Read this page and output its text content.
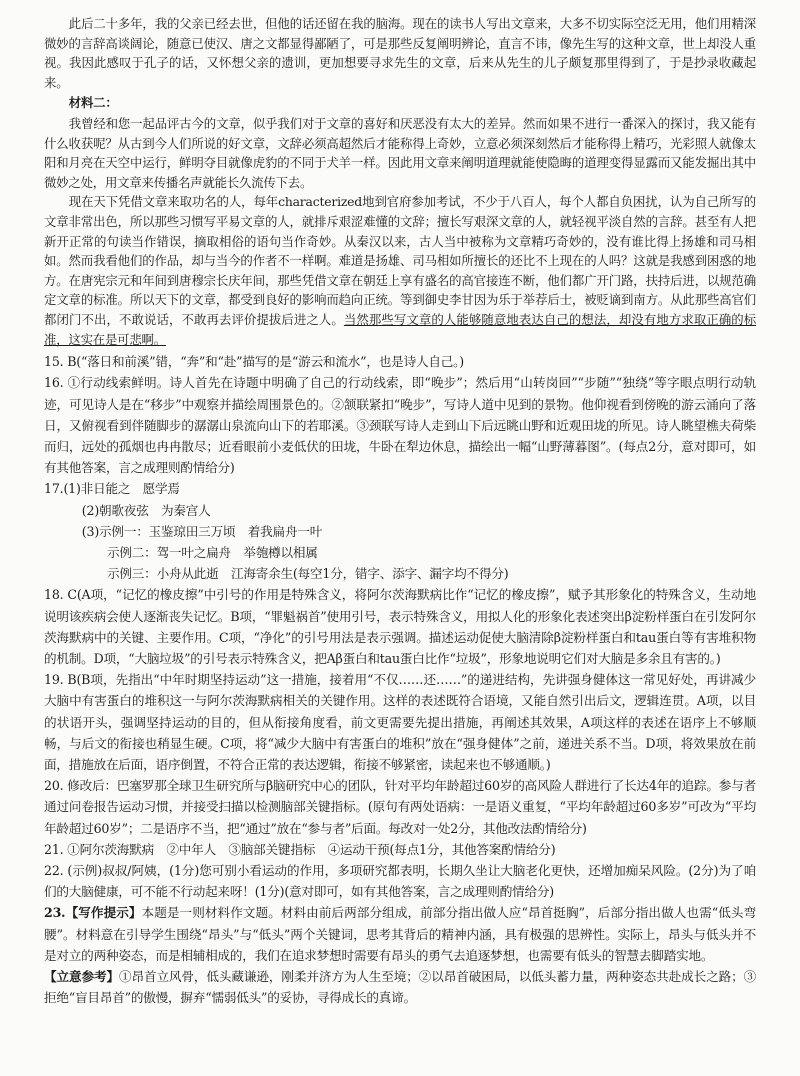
此后二十多年，我的父亲已经去世，但他的话还留在我的脑海。现在的读书人写出文章来，大多不切实际空泛无用，他们用精深微妙的言辞高谈阔论，随意已使汉、唐之文都显得鄙陋了，可是那些反复阐明辨论，直言不讳，像先生写的这种文章，世上却没人重视。我因此感叹于孔子的话，又怀想父亲的遗训，更加想要寻求先生的文章，后来从先生的儿子颇复那里得到了，于是抄录收藏起来。

材料二：

我曾经和您一起品评古今的文章，似乎我们对于文章的喜好和厌恶没有太大的差异。然而如果不进行一番深入的探讨，我又能有什么收获呢？从古到今人们所说的好文章，文辞必须高超然后才能称得上奇妙，立意必须深刻然后才能称得上精巧，光彩照人就像太阳和月亮在天空中运行，鲜明夺目就像虎豹的不同于犬羊一样。因此用文章来阐明道理就能使隐晦的道理变得显露而又能发掘出其中微妙之处，用文章来传播名声就能长久流传下去。

现在天下凭借文章来取功名的人，每年characterized地到官府参加考试，不少于八百人，每个人都自负困扰，认为自己所写的文章非常出色，所以那些习惯写平易文章的人，就排斥艰涩难懂的文辞；擅长写艰深文章的人，就轻视平淡自然的言辞。甚至有人把新开正常的句读当作错误，摘取相俗的语句当作奇妙。从秦汉以来，古人当中被称为文章精巧奇妙的，没有谁比得上扬雄和司马相如。然而我看他们的作品，却与当今的作者不一样啊。难道是扬雄、司马相如所擅长的还比不上现在的人吗？这就是我感到困惑的地方。在唐宪宗元和年间到唐穆宗长庆年间，那些凭借文章在朝廷上享有盛名的高官接连不断，他们都广开门路，扶持后进，以规范确定文章的标准。所以天下的文章，都受到良好的影响而趋向正统。等到御史李甘因为乐于举荐后士，被贬谪到南方。从此那些高官们都闭门不出，不敢说话，不敢再去评价提拔后进之人。当然那些写文章的人能够随意地表达自己的想法，却没有地方求取正确的标准，这实在是可悲啊。

15. B(“落日和前溪”错，“奔”和“赴”描写的是“游云和流水”，也是诗人自己。)

16. ①行动线索鲜明。诗人首先在诗题中明确了自己的行动线索，即“晚步”；然后用“山转岗回”“步随”“独绕”等字眼点明行动轨迹，可见诗人是在“移步”中观察并描绘周围景色的。②颔联紧扣“晚步”，写诗人道中见到的景物。他仰视看到傍晚的游云涌向了落日，又俯视看到伴随脚步的潺潺山泉流向山下的若耶溪。③颈联写诗人走到山下后远眺山野和近观田垅的所见。诗人眺望樵夫荷柴而归，远处的孤烟也冉冉散尽；近看眼前小麦低伏的田垅，牛卧在犁边休息，描绘出一幅“山野薄暮图”。(每点2分，意对即可，如有其他答案，言之成理则酌情给分)

17.(1)非日能之　愿学焉

(2)朝歌夜弦　为秦宫人

(3)示例一：玉鉴琼田三万顷　着我扁舟一叶

示例二：驾一叶之扁舟　举匏樽以相属

示例三：小舟从此逝　江海寄余生(每空1分，错字、添字、漏字均不得分)

18. C(A项，“记忆的橡皮擦”中引号的作用是特殊含义，将阿尔茨海默病比作“记忆的橡皮擦”，赋予其形象化的特殊含义，生动地说明该疾病会使人逐渐丧失记忆。B项，“罪魁祸首”使用引号，表示特殊含义，用拟人化的形象化表述突出β淀粉样蛋白在引发阿尔茨海默病中的关键、主要作用。C项，“净化”的引号用法是表示强调。描述运动促使大脑清除β淀粉样蛋白和tau蛋白等有害堆积物的机制。D项，“大脑垃圾”的引号表示特殊含义，把Aβ蛋白和tau蛋白比作“垃圾”，形象地说明它们对大脑是多余且有害的。)

19. B(B项，先指出“中年时期坚持运动”这一措施，接着用“不仅……还……”的递进结构，先讲强身健体这一常见好处，再讲减少大脑中有害蛋白的堆积这一与阿尔茨海默病相关的关键作用。这样的表述既符合语境，又能自然引出后文，逻辑连贯。A项，以目的状语开头，强调坚持运动的目的，但从衔接角度看，前文更需要先提出措施，再阐述其效果，A项这样的表述在语序上不够顺畅，与后文的衔接也稍显生硬。C项，将“减少大脑中有害蛋白的堆积”放在“强身健体”之前，递进关系不当。D项，将效果放在前面，措施放在后面，语序倒置，不符合正常的表达逻辑，衔接不够紧密，读起来也不够通顺。)

20. 修改后：巴塞罗那全球卫生研究所与β脑研究中心的团队，针对平均年龄超过60岁的高风险人群进行了长达4年的追踪。参与者通过问卷报告运动习惯，并接受扫描以检测脑部关键指标。(原句有两处语病：一是语义重复，“平均年龄超过60多岁”可改为“平均年龄超过60岁”；二是语序不当，把“通过”放在“参与者”后面。每改对一处2分，其他改法酌情给分)

21. ①阿尔茨海默病　②中年人　③脑部关键指标　④运动干预(每点1分，其他答案酌情给分)

22. (示例)叔叔/阿姨，(1分)您可别小看运动的作用，多项研究都表明，长期久坐让大脑老化更快，还增加痴呆风险。(2分)为了咱们的大脑健康，可不能不行动起来呀！(1分)(意对即可，如有其他答案，言之成理则酌情给分)

23.【写作提示】本题是一则材料作文题。材料由前后两部分组成，前部分指出做人应“昂首挺胸”，后部分指出做人也需“低头弯腰”。材料意在引导学生围绕“昂头”与“低头”两个关键词，思考其背后的精神内涵，具有极强的思辨性。实际上，昂头与低头并不是对立的两种姿态，而是相辅相成的，我们在追求梦想时需要有昂头的勇气去追逐梦想，也需要有低头的智慧去脚踏实地。

【立意参考】①昂首立风骨，低头藏谦逊，刚柔并济方为人生至境；②以昂首破困局，以低头蓄力量，两种姿态共赴成长之路；③拒绝“盲目昂首”的傲慢，摒弃“懦弱低头”的妥协，寻得成长的真谛。
